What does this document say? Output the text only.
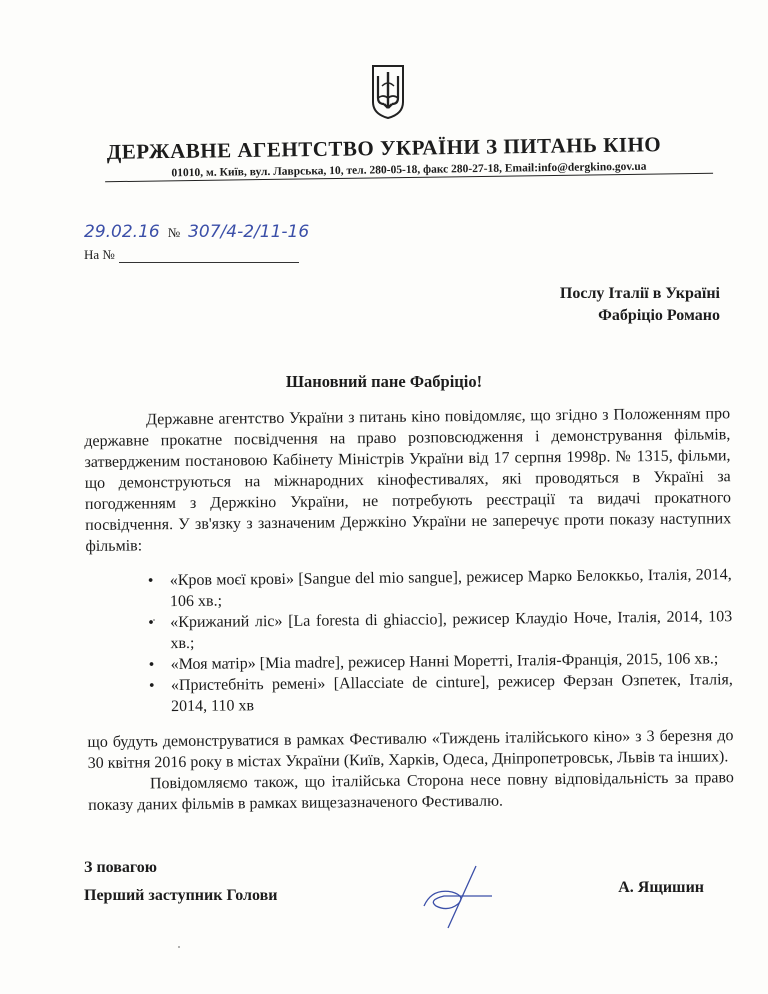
ДЕРЖАВНЕ АГЕНТСТВО УКРАЇНИ З ПИТАНЬ КІНО
01010, м. Київ, вул. Лаврська, 10, тел. 280-05-18, факс 280-27-18, Email:info@dergkino.gov.ua
29.02.16 № 307/4-2/11-16
На №
Послу Італії в Україні
Фабріціо Романо
Шановний пане Фабріціо!

Державне агентство України з питань кіно повідомляє, що згідно з Положенням про державне прокатне посвідчення на право розповсюдження і демонстрування фільмів, затвердженим постановою Кабінету Міністрів України від 17 серпня 1998р. № 1315, фільми, що демонструються на міжнародних кінофестивалях, які проводяться в Україні за погодженням з Держкіно України, не потребують реєстрації та видачі прокатного посвідчення. У зв'язку з зазначеним Держкіно України не заперечує проти показу наступних фільмів:

• «Кров моєї крові» [Sangue del mio sangue], режисер Марко Белоккьо, Італія, 2014, 106 хв.;
• «Крижаний ліс» [La foresta di ghiaccio], режисер Клаудіо Ноче, Італія, 2014, 103 хв.;
• «Моя матір» [Mia madre], режисер Нанні Моретті, Італія-Франція, 2015, 106 хв.;
• «Пристебніть ремені» [Allacciate de cinture], режисер Ферзан Озпетек, Італія, 2014, 110 хв

що будуть демонструватися в рамках Фестивалю «Тиждень італійського кіно» з 3 березня до 30 квітня 2016 року в містах України (Київ, Харків, Одеса, Дніпропетровськ, Львів та інших).

Повідомляємо також, що італійська Сторона несе повну відповідальність за право показу даних фільмів в рамках вищезазначеного Фестивалю.

З повагою
Перший заступник Голови	А. Ящишин
